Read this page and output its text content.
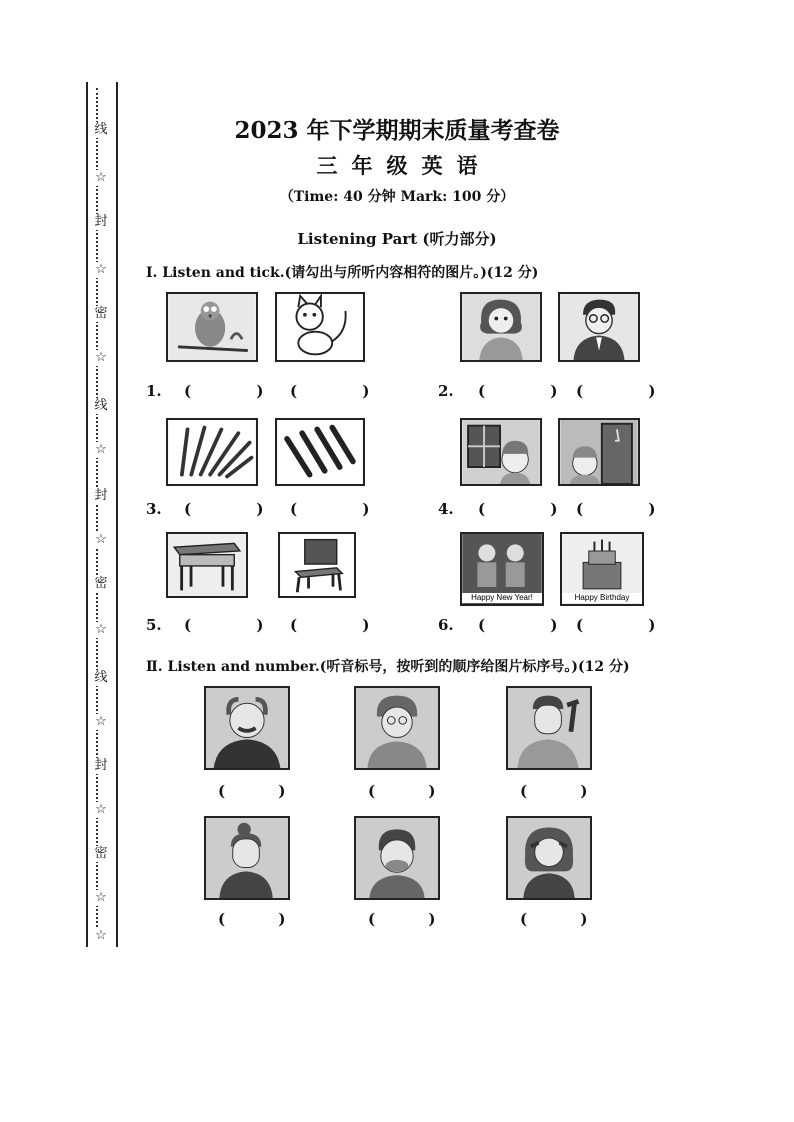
线
☆
封
☆
密
☆
线
☆
封
☆
密
☆
线
☆
封
☆
密
☆
☆
2023 年下学期期末质量考查卷
三年级英语
（Time: 40 分钟 Mark: 100 分）
Listening Part (听力部分)
Ⅰ. Listen and tick.(请勾出与所听内容相符的图片。)(12 分)
1. ( )
( )	2. ( )
( )
3. ( )
( )	4. ( )
( )
Happy New Year!	Happy Birthday
5. ( )
( )	6. ( )
( )
Ⅱ. Listen and number.(听音标号，按听到的顺序给图片标序号。)(12 分)
( )	( )	( )
( )	( )	( )
